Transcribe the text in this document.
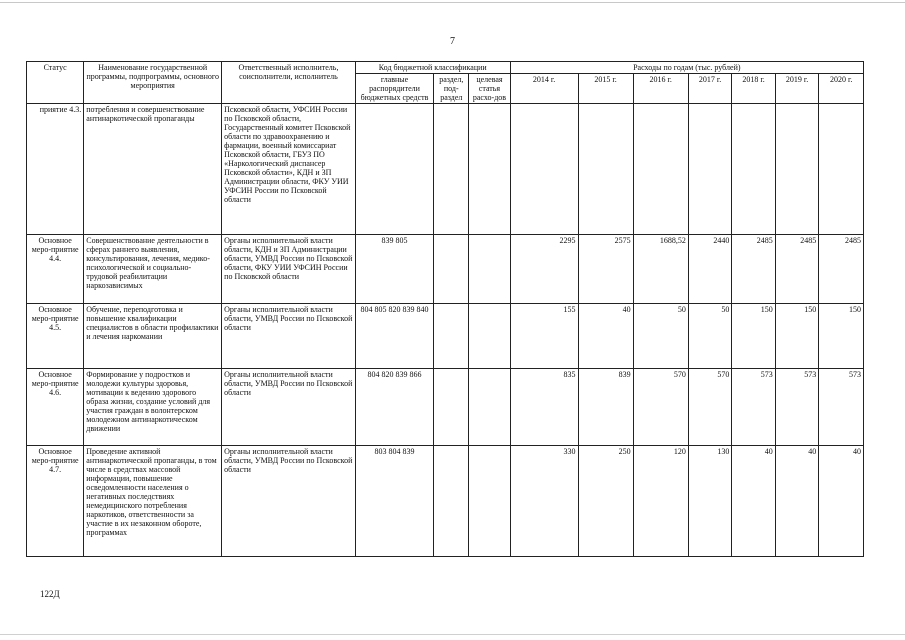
7
Статус	Наименование государственной программы, подпрограммы, основного мероприятия	Ответственный исполнитель, соисполнители, исполнитель	Код бюджетной классификации			Расходы по годам (тыс. рублей)						
			главные распорядители бюджетных средств	раздел, под-раздел	целевая статья расхо-дов	2014 г.	2015 г.	2016 г.	2017 г.	2018 г.	2019 г.	2020 г.
приятие 4.3.	потребления и совершенствование антинаркотической пропаганды	Псковской области, УФСИН России по Псковской области, Государственный комитет Псковской области по здравоохранению и фармации, военный комиссариат Псковской области, ГБУЗ ПО «Наркологический диспансер Псковской области», КДН и ЗП Администрации области, ФКУ УИИ УФСИН России по Псковской области										
Основное меро-приятие 4.4.	Совершенствование деятельности в сферах раннего выявления, консультирования, лечения, медико-психологической и социально-трудовой реабилитации наркозависимых	Органы исполнительной власти области, КДН и ЗП Администрации области, УМВД России по Псковской области, ФКУ УИИ УФСИН России по Псковской области	839 805			2295	2575	1688,52	2440	2485	2485	2485
Основное меро-приятие 4.5.	Обучение, переподготовка и повышение квалификации специалистов в области профилактики и лечения наркомании	Органы исполнительной власти области, УМВД России по Псковской области	804 805 820 839 840			155	40	50	50	150	150	150
Основное меро-приятие 4.6.	Формирование у подростков и молодежи культуры здоровья, мотивации к ведению здорового образа жизни, создание условий для участия граждан в волонтерском молодежном антинаркотическом движении	Органы исполнительной власти области, УМВД России по Псковской области	804 820 839 866			835	839	570	570	573	573	573
Основное меро-приятие 4.7.	Проведение активной антинаркотической пропаганды, в том числе в средствах массовой информации, повышение осведомленности населения о негативных последствиях немедицинского потребления наркотиков, ответственности за участие в их незаконном обороте, программах	Органы исполнительной власти области, УМВД России по Псковской области	803 804 839			330	250	120	130	40	40	40
122Д
